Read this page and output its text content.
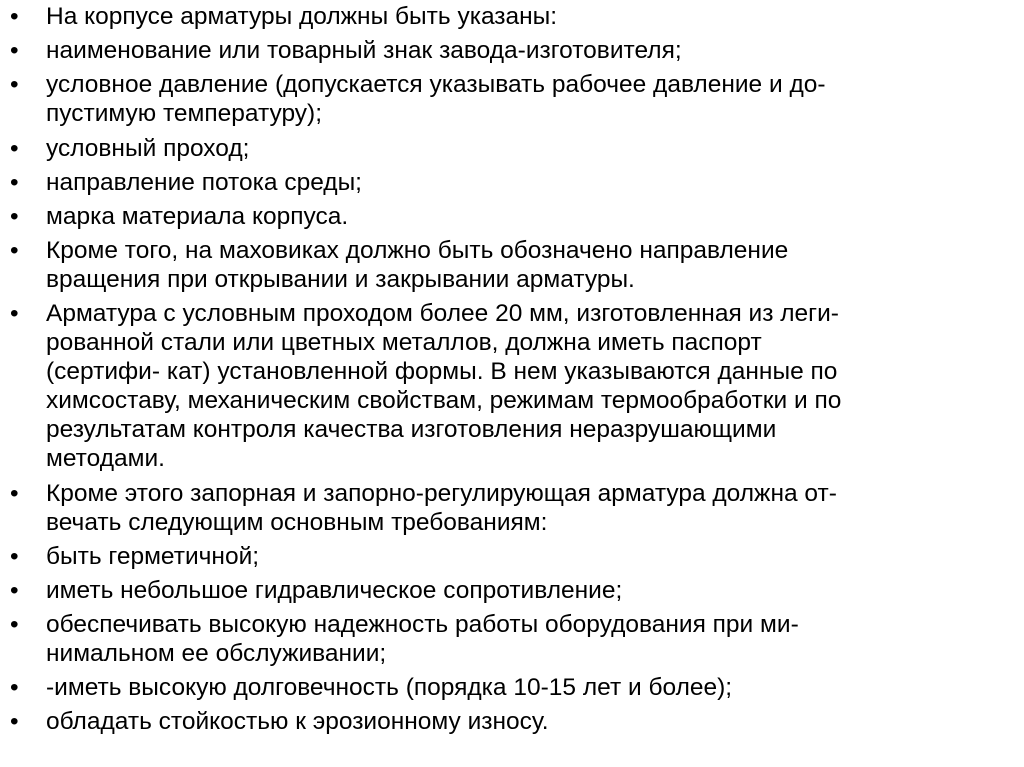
•	На корпусе арматуры должны быть указаны:
•	наименование или товарный знак завода-изготовителя;
•	условное давление (допускается указывать рабочее давление и до-
пустимую температуру);
•	условный проход;
•	направление потока среды;
•	марка материала корпуса.
•	Кроме того, на маховиках должно быть обозначено направление
вращения при открывании и закрывании арматуры.
•	Арматура с условным проходом более 20 мм, изготовленная из леги-
рованной стали или цветных металлов, должна иметь паспорт
(сертифи- кат) установленной формы. В нем указываются данные по
химсоставу, механическим свойствам, режимам термообработки и по
результатам контроля качества изготовления неразрушающими
методами.
•	Кроме этого запорная и запорно-регулирующая арматура должна от-
вечать следующим основным требованиям:
•	быть герметичной;
•	иметь небольшое гидравлическое сопротивление;
•	обеспечивать высокую надежность работы оборудования при ми-
нимальном ее обслуживании;
•	-иметь высокую долговечность (порядка 10-15 лет и более);
•	обладать стойкостью к эрозионному износу.
